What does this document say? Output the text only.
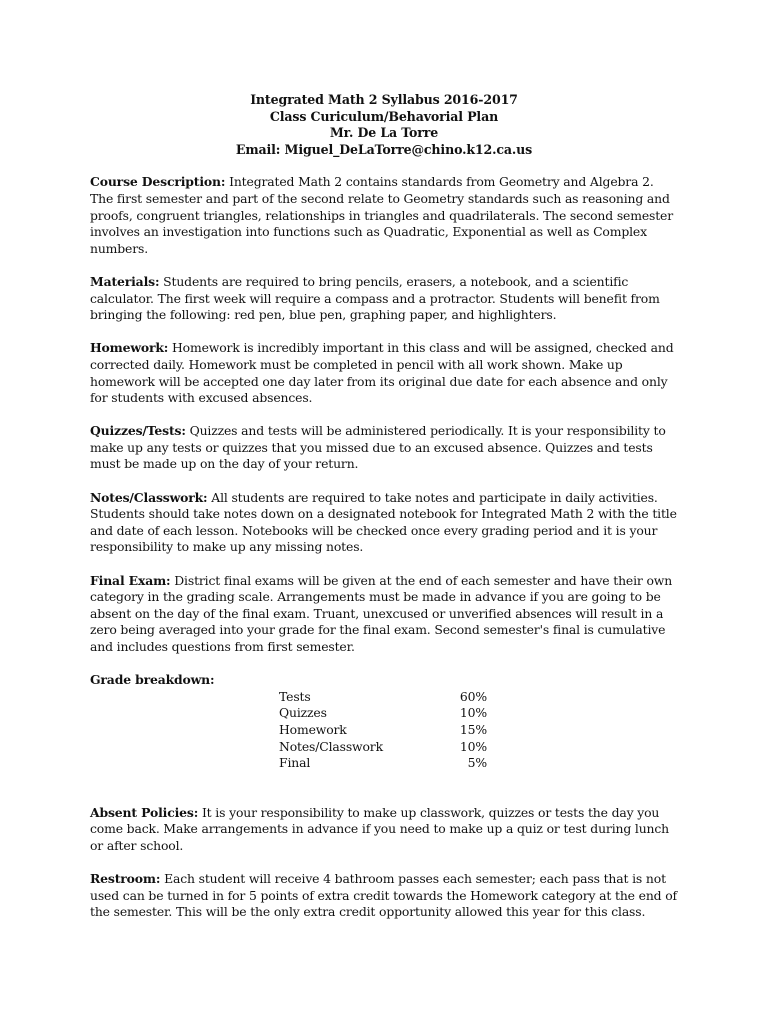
Integrated Math 2 Syllabus 2016-2017
Class Curiculum/Behavorial Plan
Mr. De La Torre
Email: Miguel_DeLaTorre@chino.k12.ca.us

Course Description: Integrated Math 2 contains standards from Geometry and Algebra 2. The first semester and part of the second relate to Geometry standards such as reasoning and proofs, congruent triangles, relationships in triangles and quadrilaterals. The second semester involves an investigation into functions such as Quadratic, Exponential as well as Complex numbers.

Materials: Students are required to bring pencils, erasers, a notebook, and a scientific calculator. The first week will require a compass and a protractor. Students will benefit from bringing the following: red pen, blue pen, graphing paper, and highlighters.

Homework: Homework is incredibly important in this class and will be assigned, checked and corrected daily. Homework must be completed in pencil with all work shown. Make up homework will be accepted one day later from its original due date for each absence and only for students with excused absences.

Quizzes/Tests: Quizzes and tests will be administered periodically. It is your responsibility to make up any tests or quizzes that you missed due to an excused absence. Quizzes and tests must be made up on the day of your return.

Notes/Classwork: All students are required to take notes and participate in daily activities. Students should take notes down on a designated notebook for Integrated Math 2 with the title and date of each lesson. Notebooks will be checked once every grading period and it is your responsibility to make up any missing notes.

Final Exam: District final exams will be given at the end of each semester and have their own category in the grading scale. Arrangements must be made in advance if you are going to be absent on the day of the final exam. Truant, unexcused or unverified absences will result in a zero being averaged into your grade for the final exam. Second semester's final is cumulative and includes questions from first semester.

Grade breakdown:

Tests	60%
Quizzes	10%
Homework	15%
Notes/Classwork	10%
Final	5%

Absent Policies: It is your responsibility to make up classwork, quizzes or tests the day you come back. Make arrangements in advance if you need to make up a quiz or test during lunch or after school.

Restroom: Each student will receive 4 bathroom passes each semester; each pass that is not used can be turned in for 5 points of extra credit towards the Homework category at the end of the semester. This will be the only extra credit opportunity allowed this year for this class.
